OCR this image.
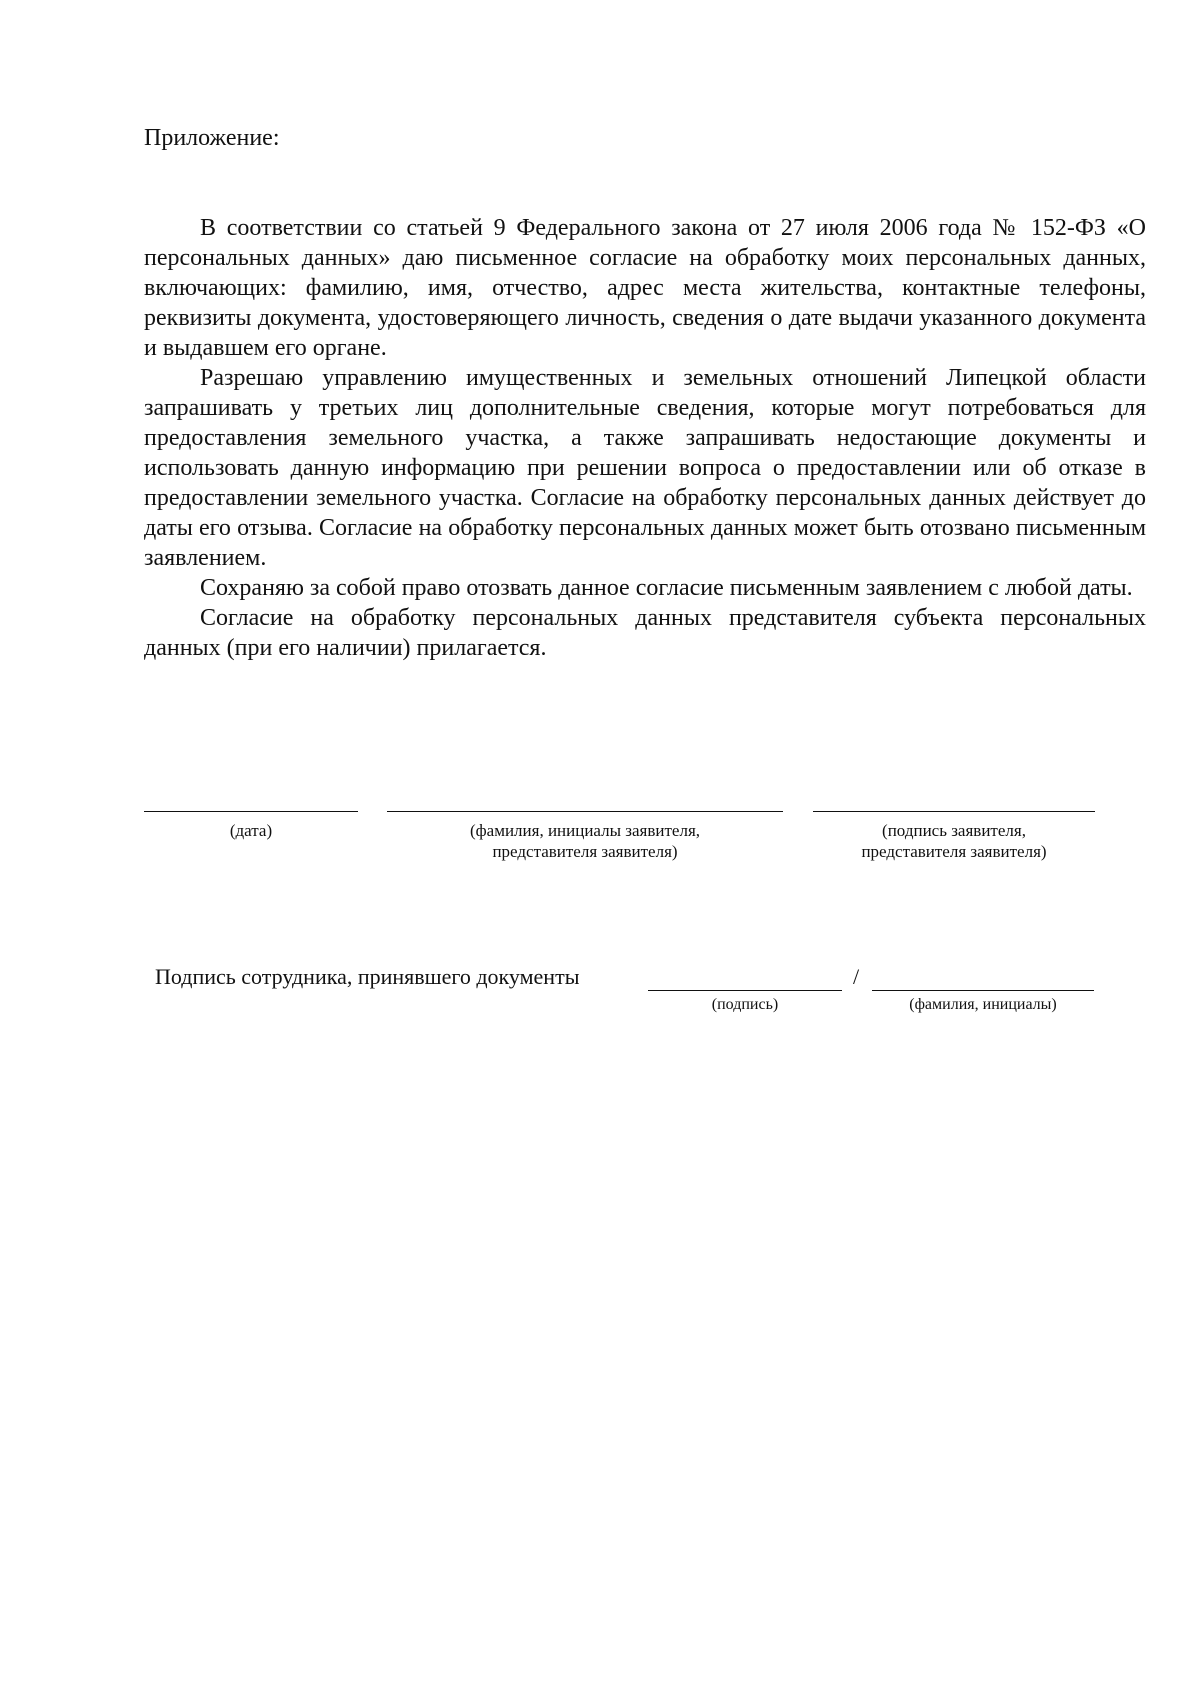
Приложение:

В соответствии со статьей 9 Федерального закона от 27 июля 2006 года № 152-ФЗ «О персональных данных» даю письменное согласие на обработку моих персональных данных, включающих: фамилию, имя, отчество, адрес места жительства, контактные телефоны, реквизиты документа, удостоверяющего личность, сведения о дате выдачи указанного документа и выдавшем его органе.

Разрешаю управлению имущественных и земельных отношений Липецкой области запрашивать у третьих лиц дополнительные сведения, которые могут потребоваться для предоставления земельного участка, а также запрашивать недостающие документы и использовать данную информацию при решении вопроса о предоставлении или об отказе в предоставлении земельного участка. Согласие на обработку персональных данных действует до даты его отзыва. Согласие на обработку персональных данных может быть отозвано письменным заявлением.

Сохраняю за собой право отозвать данное согласие письменным заявлением с любой даты.

Согласие на обработку персональных данных представителя субъекта персональных данных (при его наличии) прилагается.

(дата)	(фамилия, инициалы заявителя,
представителя заявителя)
(подпись заявителя,
представителя заявителя)
Подпись сотрудника, принявшего документы
(подпись)
/
(фамилия, инициалы)
